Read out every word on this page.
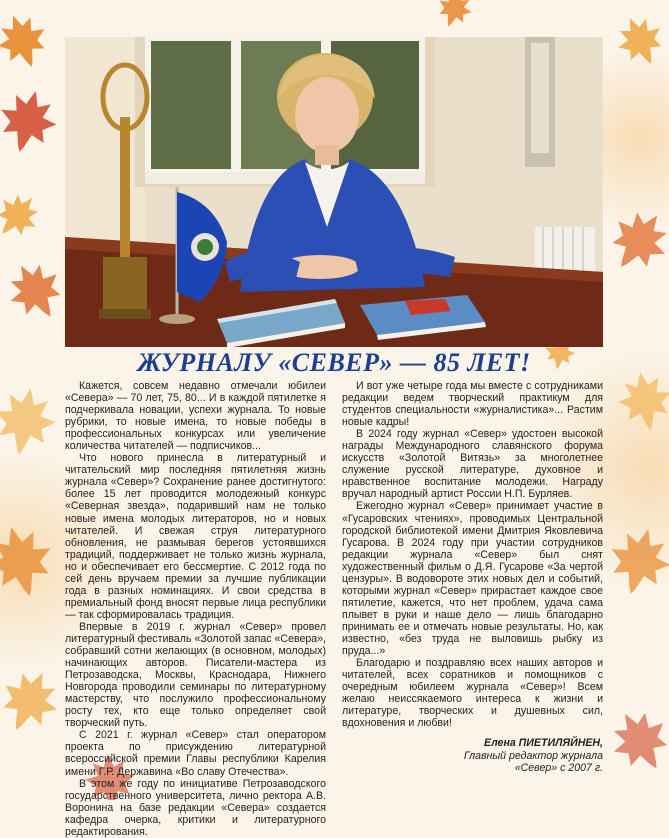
ЖУРНАЛУ «СЕВЕР» — 85 ЛЕТ!

Кажется, совсем недавно отмечали юбилеи «Севера» — 70 лет, 75, 80... И в каждой пятилетке я подчеркивала новации, успехи журнала. То новые рубрики, то новые имена, то новые победы в профессиональных конкурсах или увеличение количества читателей — подписчиков...

Что нового принесла в литературный и читательский мир последняя пятилетняя жизнь журнала «Север»? Сохранение ранее достигнутого: более 15 лет проводится молодежный конкурс «Северная звезда», подаривший нам не только новые имена молодых литераторов, но и новых читателей. И свежая струя литературного обновления, не размывая берегов устоявшихся традиций, поддерживает не только жизнь журнала, но и обеспечивает его бессмертие. С 2012 года по сей день вручаем премии за лучшие публикации года в разных номинациях. И свои средства в премиальный фонд вносят первые лица республики — так сформировалась традиция.

Впервые в 2019 г. журнал «Север» провел литературный фестиваль «Золотой запас «Севера», собравший сотни желающих (в основном, молодых) начинающих авторов. Писатели-мастера из Петрозаводска, Москвы, Краснодара, Нижнего Новгорода проводили семинары по литературному мастерству, что послужило профессиональному росту тех, кто еще только определяет свой творческий путь.

С 2021 г. журнал «Север» стал оператором проекта по присуждению литературной всероссийской премии Главы республики Карелия имени Г.Р. Державина «Во славу Отечества».

В этом же году по инициативе Петрозаводского государственного университета, лично ректора А.В. Воронина на базе редакции «Севера» создается кафедра очерка, критики и литературного редактирования.

И вот уже четыре года мы вместе с сотрудниками редакции ведем творческий практикум для студентов специальности «журналистика»... Растим новые кадры!

В 2024 году журнал «Север» удостоен высокой награды Международного славянского форума искусств «Золотой Витязь» за многолетнее служение русской литературе, духовное и нравственное воспитание молодежи. Награду вручал народный артист России Н.П. Бурляев.

Ежегодно журнал «Север» принимает участие в «Гусаровских чтениях», проводимых Центральной городской библиотекой имени Дмитрия Яковлевича Гусарова. В 2024 году при участии сотрудников редакции журнала «Север» был снят художественный фильм о Д.Я. Гусарове «За чертой цензуры». В водовороте этих новых дел и событий, которыми журнал «Север» прирастает каждое свое пятилетие, кажется, что нет проблем, удача сама плывет в руки и наше дело — лишь благодарно принимать ее и отмечать новые результаты. Но, как известно, «без труда не выловишь рыбку из пруда...»

Благодарю и поздравляю всех наших авторов и читателей, всех соратников и помощников с очередным юбилеем журнала «Север»! Всем желаю неиссякаемого интереса к жизни и литературе, творческих и душевных сил, вдохновения и любви!

Елена ПИЕТИЛЯЙНЕН,
Главный редактор журнала
«Север» с 2007 г.
